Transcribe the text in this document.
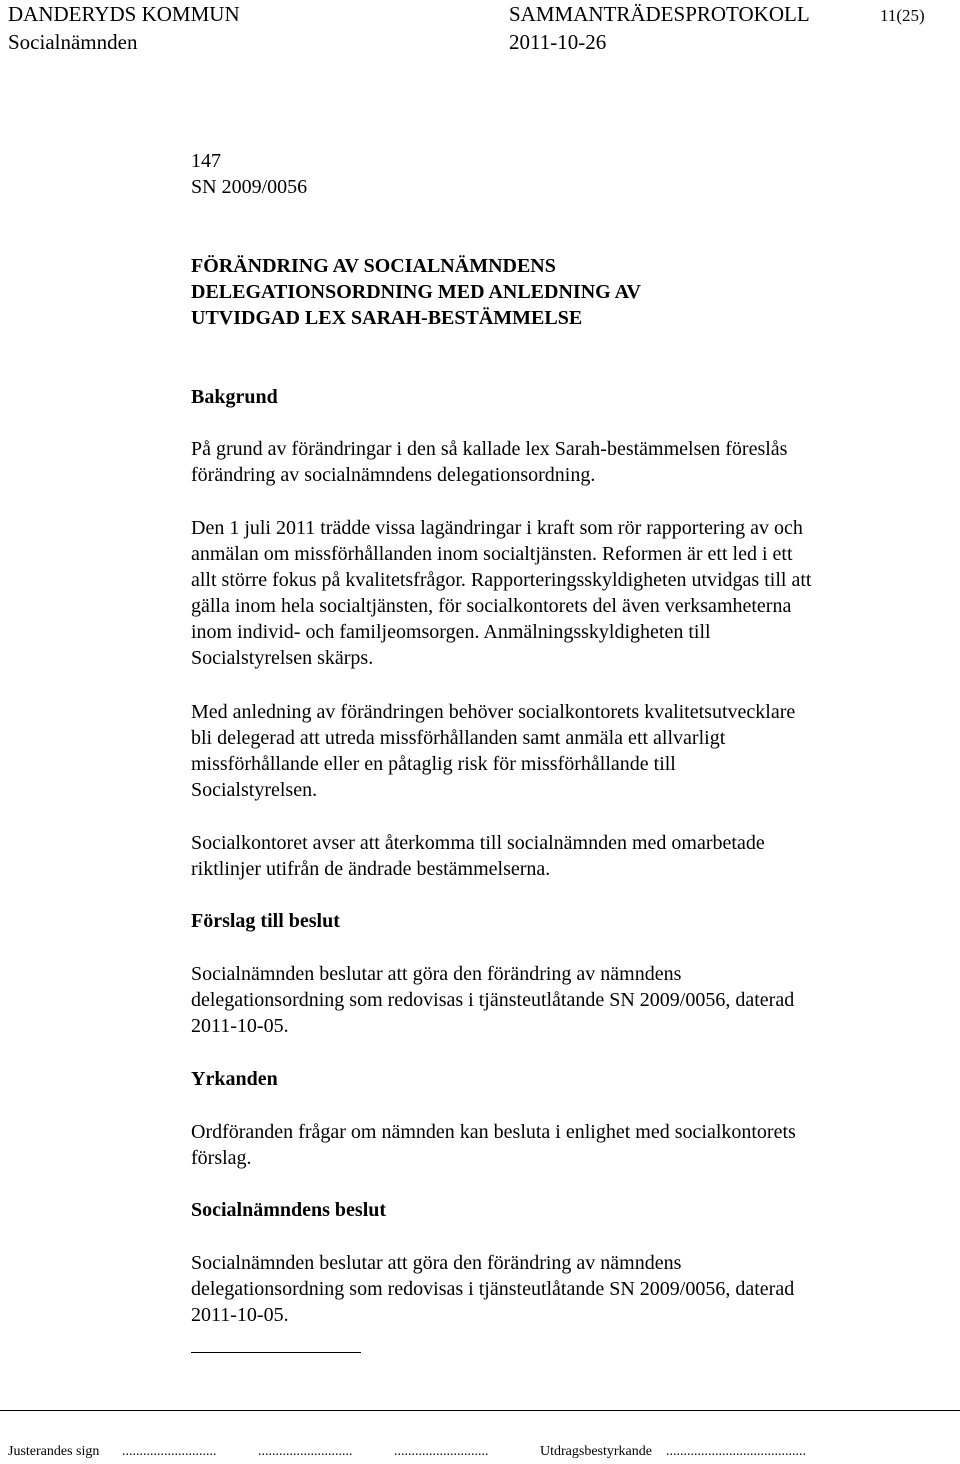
DANDERYDS KOMMUN	SAMMANTRÄDESPROTOKOLL	11(25)
Socialnämnden	2011-10-26
147
SN 2009/0056
FÖRÄNDRING AV SOCIALNÄMNDENS
DELEGATIONSORDNING MED ANLEDNING AV
UTVIDGAD LEX SARAH-BESTÄMMELSE
Bakgrund

På grund av förändringar i den så kallade lex Sarah-bestämmelsen föreslås

förändring av socialnämndens delegationsordning.

Den 1 juli 2011 trädde vissa lagändringar i kraft som rör rapportering av och

anmälan om missförhållanden inom socialtjänsten. Reformen är ett led i ett

allt större fokus på kvalitetsfrågor. Rapporteringsskyldigheten utvidgas till att

gälla inom hela socialtjänsten, för socialkontorets del även verksamheterna

inom individ- och familjeomsorgen. Anmälningsskyldigheten till

Socialstyrelsen skärps.

Med anledning av förändringen behöver socialkontorets kvalitetsutvecklare

bli delegerad att utreda missförhållanden samt anmäla ett allvarligt

missförhållande eller en påtaglig risk för missförhållande till

Socialstyrelsen.

Socialkontoret avser att återkomma till socialnämnden med omarbetade

riktlinjer utifrån de ändrade bestämmelserna.

Förslag till beslut

Socialnämnden beslutar att göra den förändring av nämndens

delegationsordning som redovisas i tjänsteutlåtande SN 2009/0056, daterad

2011-10-05.

Yrkanden

Ordföranden frågar om nämnden kan besluta i enlighet med socialkontorets

förslag.

Socialnämndens beslut

Socialnämnden beslutar att göra den förändring av nämndens

delegationsordning som redovisas i tjänsteutlåtande SN 2009/0056, daterad

2011-10-05.

Justerandes sign ...........................	...........................	...........................	Utdragsbestyrkande ........................................
